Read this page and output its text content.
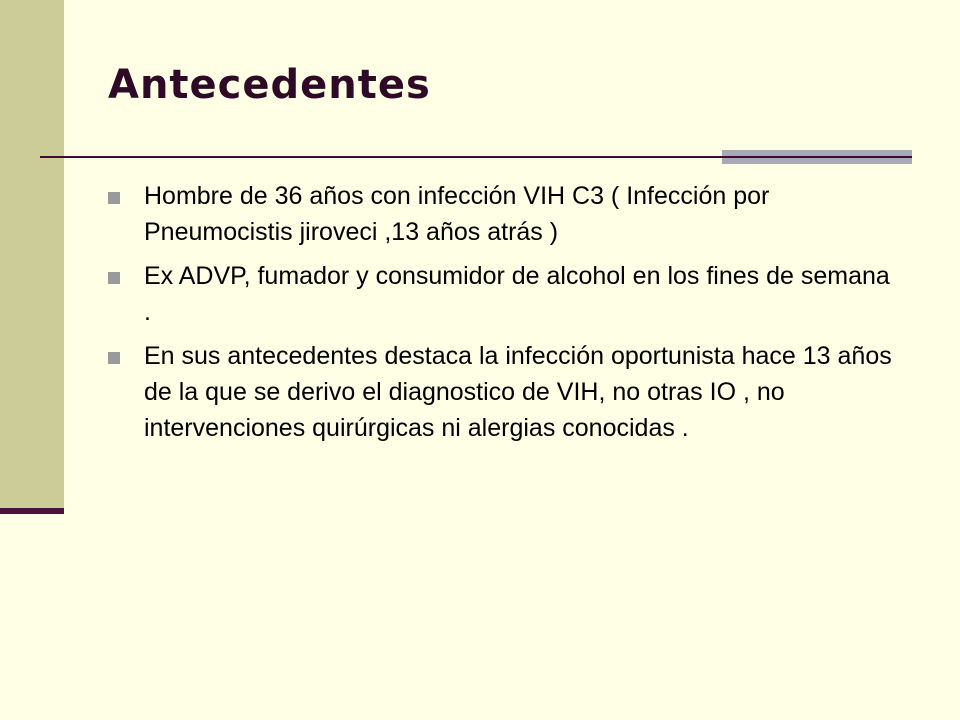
Antecedentes
Hombre de 36 años con infección VIH C3 ( Infección por Pneumocistis jiroveci ,13 años atrás )
Ex ADVP, fumador y consumidor de alcohol en los fines de semana .
En sus antecedentes destaca la infección oportunista hace 13 años de la que se derivo el diagnostico de VIH, no otras IO , no intervenciones quirúrgicas ni alergias conocidas .
